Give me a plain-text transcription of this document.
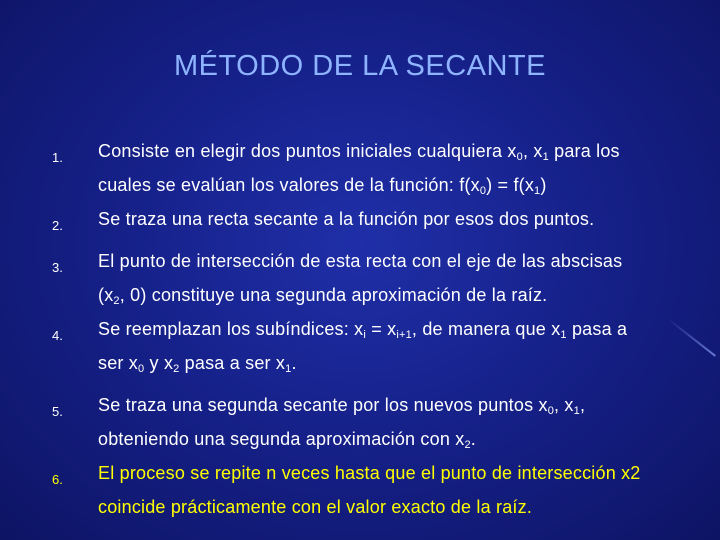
MÉTODO DE LA SECANTE
1. Consiste en elegir dos puntos iniciales cualquiera $x_0$, $x_1$ para los
cuales se evalúan los valores de la función: $f(x_0) = f(x_1)$
2. Se traza una recta secante a la función por esos dos puntos.
3. El punto de intersección de esta recta con el eje de las abscisas
($x_2$, 0) constituye una segunda aproximación de la raíz.
4. Se reemplazan los subíndices: $x_i = x_{i+1}$, de manera que $x_1$ pasa a
ser $x_0$ y $x_2$ pasa a ser $x_1$.
5. Se traza una segunda secante por los nuevos puntos $x_0$, $x_1$,
obteniendo una segunda aproximación con $x_2$.
6. El proceso se repite n veces hasta que el punto de intersección x2
coincide prácticamente con el valor exacto de la raíz.
